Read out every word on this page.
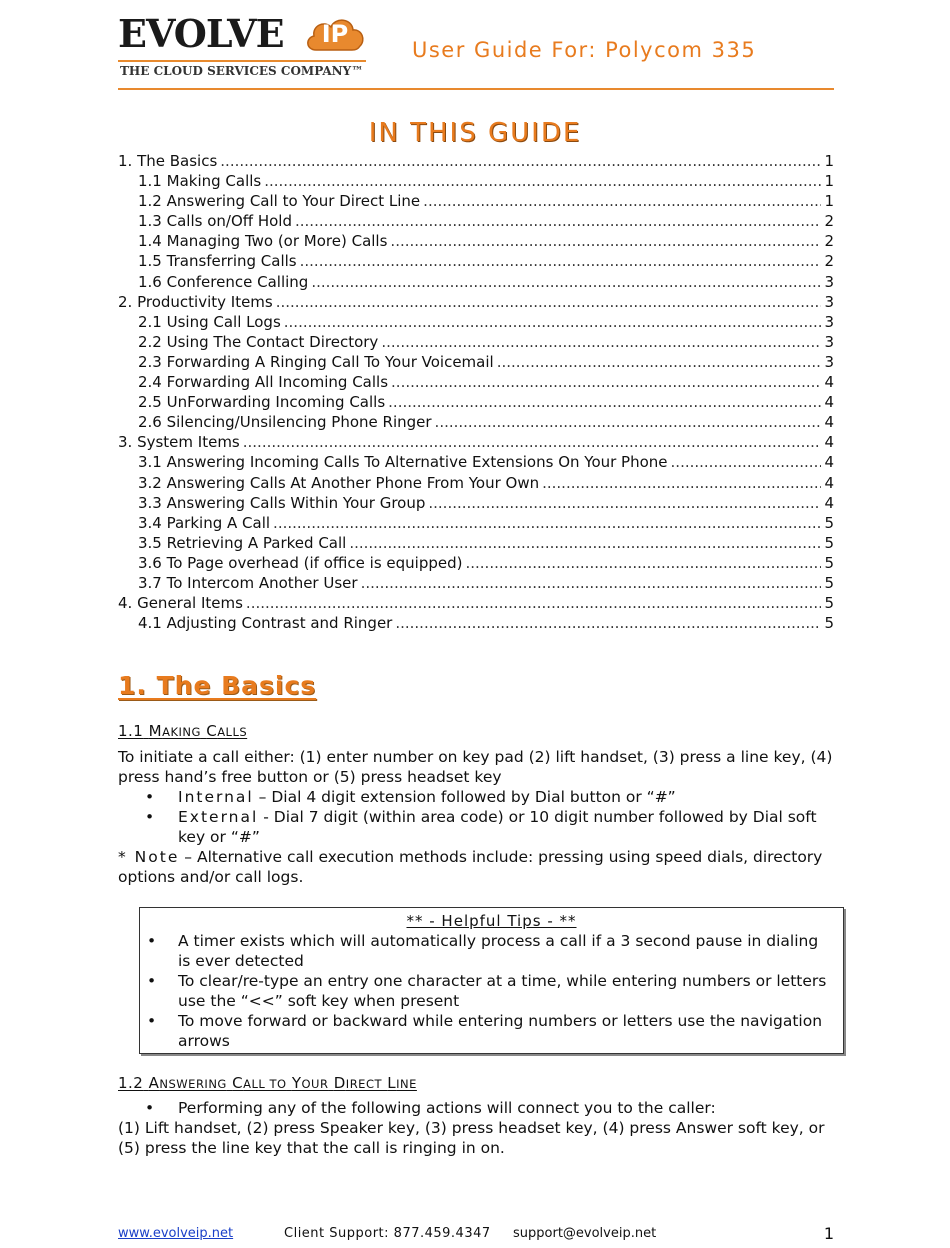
EVOLVE	IP
THE CLOUD SERVICES COMPANY™
User Guide For: Polycom 335
IN THIS GUIDE
1. The Basics .....	1
1.1 Making Calls .....	1
1.2 Answering Call to Your Direct Line .....	1
1.3 Calls on/Off Hold .....	2
1.4 Managing Two (or More) Calls .....	2
1.5 Transferring Calls .....	2
1.6 Conference Calling .....	3
2. Productivity Items .....	3
2.1 Using Call Logs .....	3
2.2 Using The Contact Directory .....	3
2.3 Forwarding A Ringing Call To Your Voicemail .....	3
2.4 Forwarding All Incoming Calls .....	4
2.5 UnForwarding Incoming Calls .....	4
2.6 Silencing/Unsilencing Phone Ringer .....	4
3. System Items .....	4
3.1 Answering Incoming Calls To Alternative Extensions On Your Phone .....	4
3.2 Answering Calls At Another Phone From Your Own .....	4
3.3 Answering Calls Within Your Group .....	4
3.4 Parking A Call .....	5
3.5 Retrieving A Parked Call .....	5
3.6 To Page overhead (if office is equipped) .....	5
3.7 To Intercom Another User .....	5
4. General Items .....	5
4.1 Adjusting Contrast and Ringer .....	5
1. The Basics
1.1 MAKING CALLS
To initiate a call either: (1) enter number on key pad (2) lift handset, (3) press a line key, (4) press hand’s free button or (5) press headset key
• Internal – Dial 4 digit extension followed by Dial button or “#”
• External - Dial 7 digit (within area code) or 10 digit number followed by Dial soft key or “#”
* Note – Alternative call execution methods include: pressing using speed dials, directory options and/or call logs.
** - Helpful Tips - **
• A timer exists which will automatically process a call if a 3 second pause in dialing is ever detected
• To clear/re-type an entry one character at a time, while entering numbers or letters use the “<<” soft key when present
• To move forward or backward while entering numbers or letters use the navigation arrows
1.2 ANSWERING CALL TO YOUR DIRECT LINE
• Performing any of the following actions will connect you to the caller:
(1) Lift handset, (2) press Speaker key, (3) press headset key, (4) press Answer soft key, or (5) press the line key that the call is ringing in on.
www.evolveip.net	Client Support: 877.459.4347 support@evolveip.net	1
